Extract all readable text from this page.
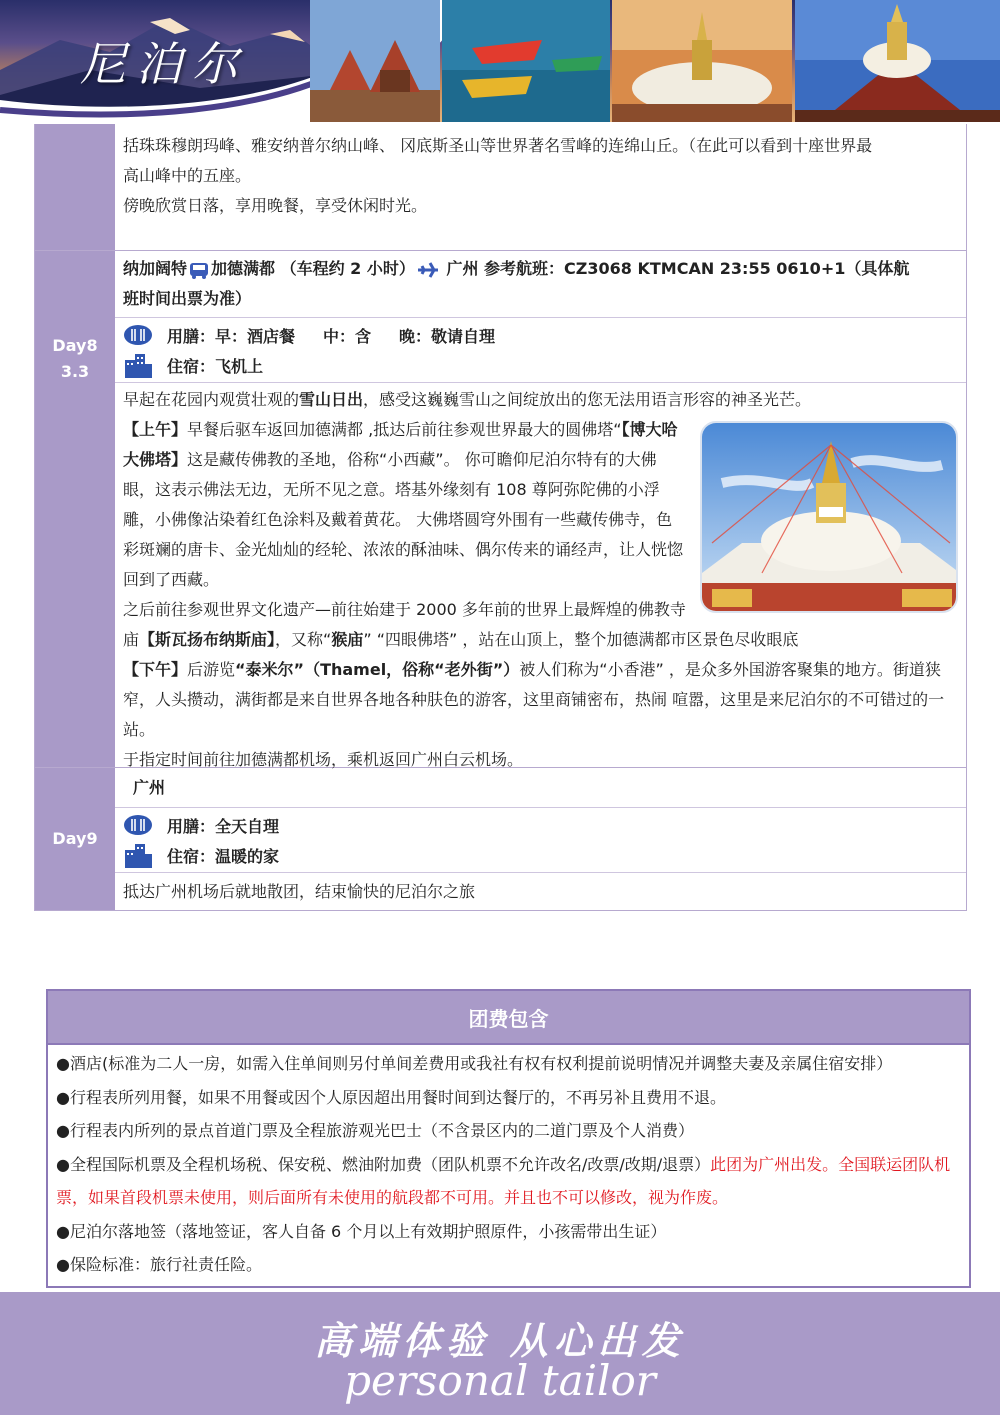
尼泊尔

括珠珠穆朗玛峰、雅安纳普尔纳山峰、 冈底斯圣山等世界著名雪峰的连绵山丘。（在此可以看到十座世界最

高山峰中的五座。

傍晚欣赏日落，享用晚餐，享受休闲时光。

Day8
3.3
纳加阔特 加德满都 （车程约 2 小时） 广州 参考航班：CZ3068 KTMCAN 23:55 0610+1（具体航
班时间出票为准）
用膳：早：酒店餐 中：含 晚：敬请自理
住宿：飞机上

早起在花园内观赏壮观的雪山日出，感受这巍巍雪山之间绽放出的您无法用语言形容的神圣光芒。

【上午】早餐后驱车返回加德满都 ,抵达后前往参观世界最大的圆佛塔“【博大哈大佛塔】这是藏传佛教的圣地，俗称“小西藏”。 你可瞻仰尼泊尔特有的大佛眼，这表示佛法无边，无所不见之意。塔基外缘刻有 108 尊阿弥陀佛的小浮雕，小佛像沾染着红色涂料及戴着黄花。 大佛塔圆穹外围有一些藏传佛寺，色彩斑斓的唐卡、金光灿灿的经轮、浓浓的酥油味、偶尔传来的诵经声，让人恍惚回到了西藏。

之后前往参观世界文化遗产—前往始建于 2000 多年前的世界上最辉煌的佛教寺庙【斯瓦扬布纳斯庙】，又称“猴庙” “四眼佛塔” ，站在山顶上，整个加德满都市区景色尽收眼底

【下午】后游览“泰米尔”（Thamel，俗称“老外街”）被人们称为“小香港” ，是众多外国游客聚集的地方。街道狭窄，人头攒动，满街都是来自世界各地各种肤色的游客，这里商铺密布，热闹 喧嚣，这里是来尼泊尔的不可错过的一站。

于指定时间前往加德满都机场，乘机返回广州白云机场。

Day9
广州
用膳：全天自理
住宿：温暖的家

抵达广州机场后就地散团，结束愉快的尼泊尔之旅

团费包含

●酒店(标准为二人一房，如需入住单间则另付单间差费用或我社有权有权利提前说明情况并调整夫妻及亲属住宿安排）

●行程表所列用餐，如果不用餐或因个人原因超出用餐时间到达餐厅的，不再另补且费用不退。

●行程表内所列的景点首道门票及全程旅游观光巴士（不含景区内的二道门票及个人消费）

●全程国际机票及全程机场税、保安税、燃油附加费（团队机票不允许改名/改票/改期/退票）此团为广州出发。全国联运团队机票，如果首段机票未使用，则后面所有未使用的航段都不可用。并且也不可以修改，视为作废。

●尼泊尔落地签（落地签证，客人自备 6 个月以上有效期护照原件，小孩需带出生证）

●保险标准：旅行社责任险。

高端体验 从心出发
personal tailor
